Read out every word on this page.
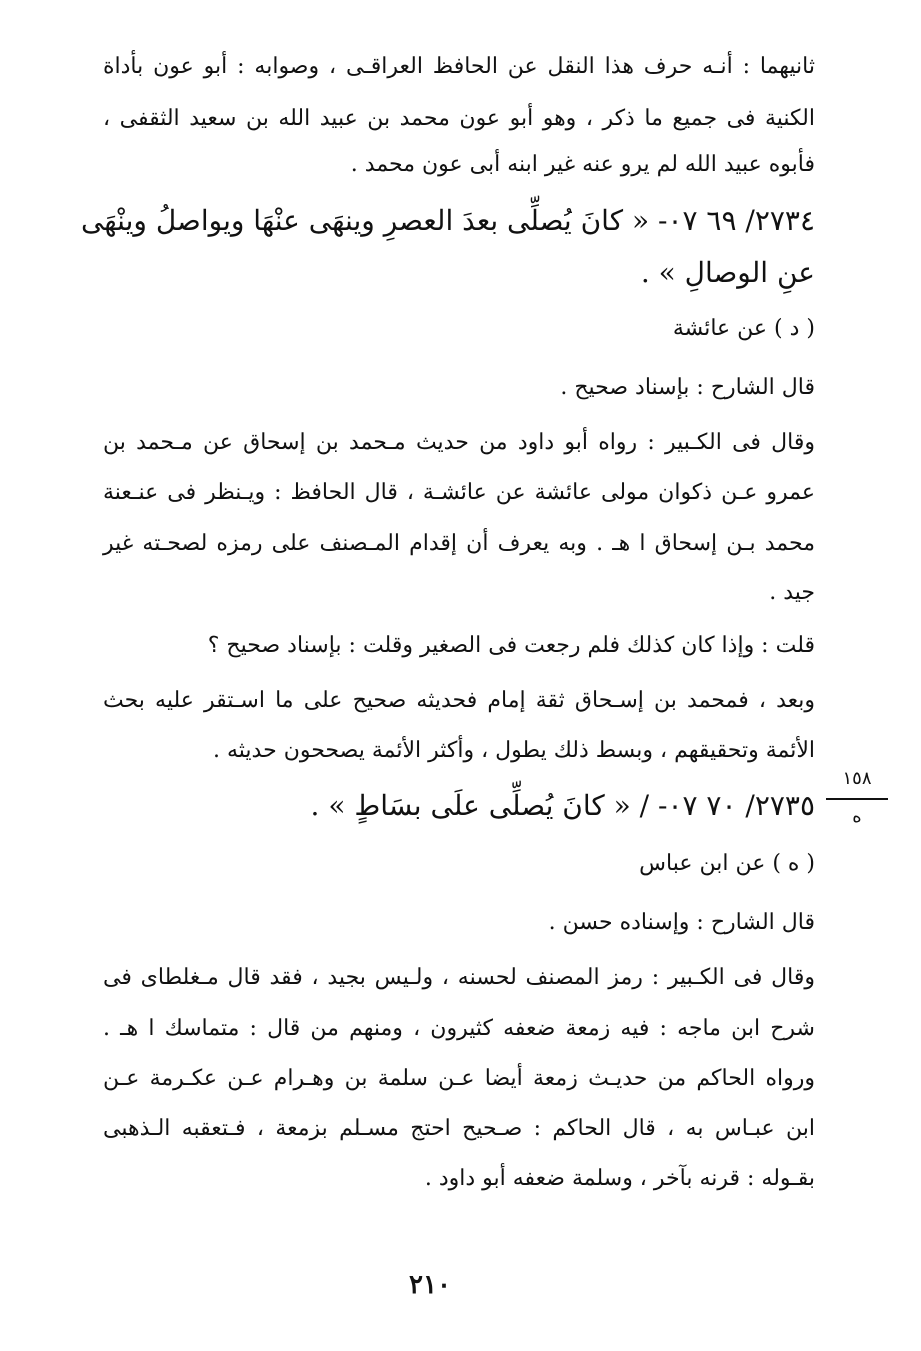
ثانيهما : أنـه حرف هذا النقل عن الحافظ العراقـى ، وصوابه : أبو عون بأداة
الكنية فى جميع ما ذكر ، وهو أبو عون محمد بن عبيد الله بن سعيد الثقفى ،
فأبوه عبيد الله لم يرو عنه غير ابنه أبى عون محمد .
٢٧٣٤/ ٦٩ ٠٧- « كانَ يُصلِّى بعدَ العصرِ وينهَى عنْهَا ويواصلُ وينْهَى
عنِ الوصالِ » .
( د ) عن عائشة
قال الشارح : بإسناد صحيح .
وقال فى الكـبير : رواه أبو داود من حديث مـحمد بن إسحاق عن مـحمد بن
عمرو عـن ذكوان مولى عائشة عن عائشـة ، قال الحافظ : ويـنظر فى عنـعنة
محمد بـن إسحاق ا هـ . وبه يعرف أن إقدام المـصنف على رمزه لصحـته غير
جيد .
قلت : وإذا كان كذلك فلم رجعت فى الصغير وقلت : بإسناد صحيح ؟
وبعد ، فمحمد بن إسـحاق ثقة إمام فحديثه صحيح على ما اسـتقر عليه بحث
الأئمة وتحقيقهم ، وبسط ذلك يطول ، وأكثر الأئمة يصححون حديثه .
٢٧٣٥/ ٧٠ ٠٧- / « كانَ يُصلِّى علَى بسَاطٍ » .
١٥٨
ه
( ه ) عن ابن عباس
قال الشارح : وإسناده حسن .
وقال فى الكـبير : رمز المصنف لحسنه ، ولـيس بجيد ، فقد قال مـغلطاى فى
شرح ابن ماجه : فيه زمعة ضعفه كثيرون ، ومنهم من قال : متماسك ا هـ .
ورواه الحاكم من حديـث زمعة أيضا عـن سلمة بن وهـرام عـن عكـرمة عـن
ابن عبـاس به ، قال الحاكم : صـحيح احتج مسـلم بزمعة ، فـتعقبه الـذهبى
بقـوله : قرنه بآخر ، وسلمة ضعفه أبو داود .
٢١٠
